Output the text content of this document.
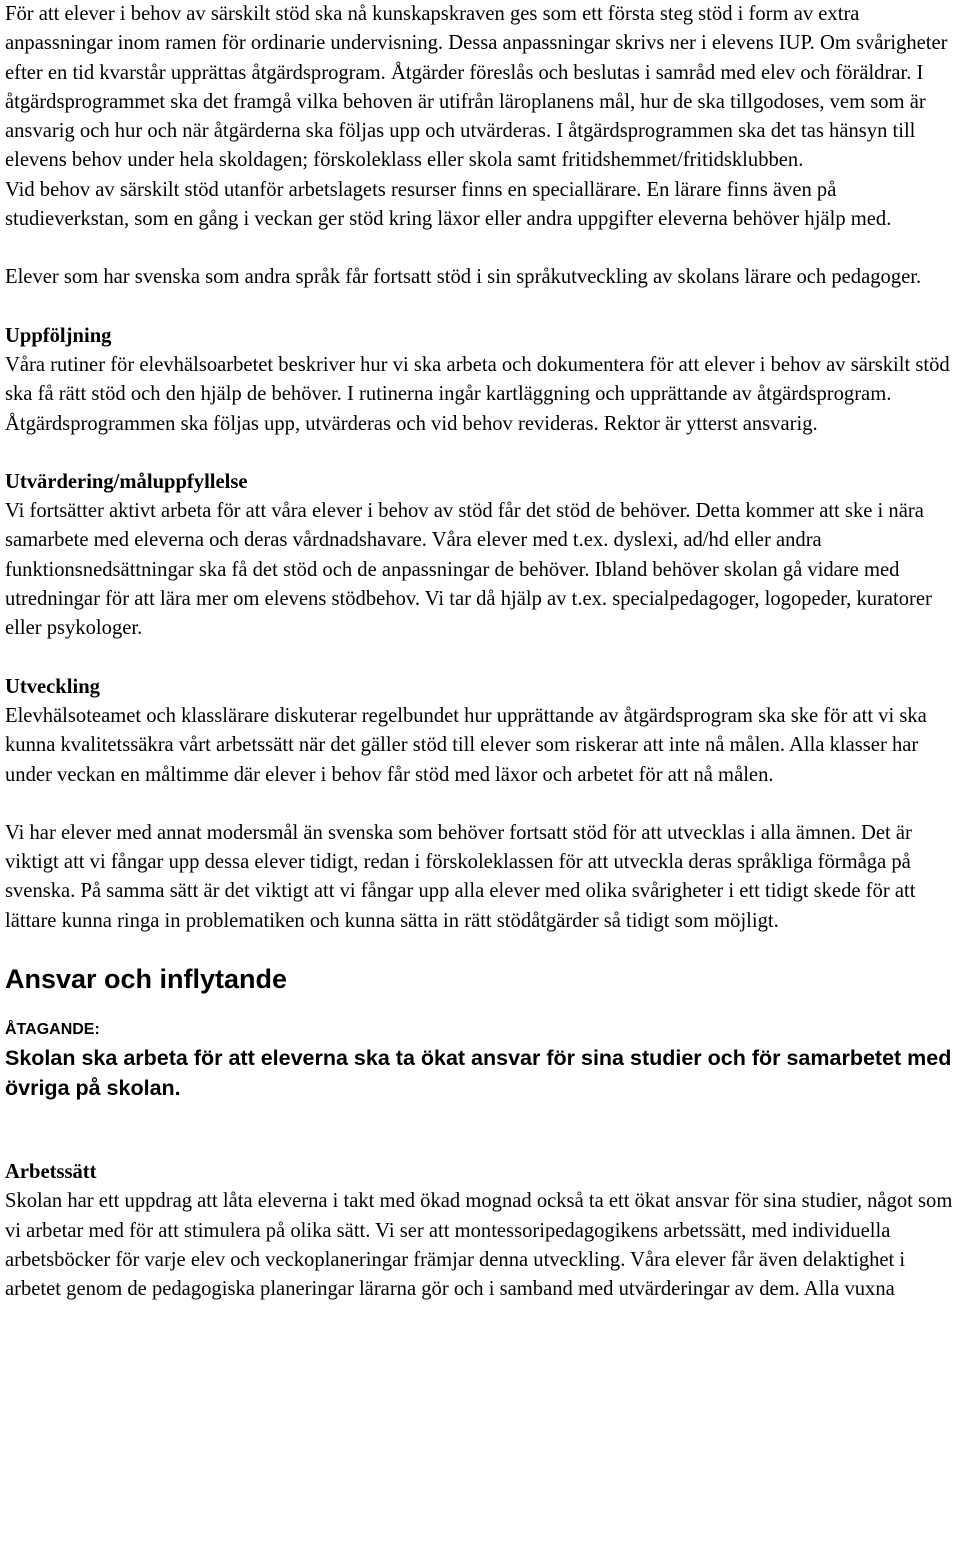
För att elever i behov av särskilt stöd ska nå kunskapskraven ges som ett första steg stöd i form av extra anpassningar inom ramen för ordinarie undervisning. Dessa anpassningar skrivs ner i elevens IUP. Om svårigheter efter en tid kvarstår upprättas åtgärdsprogram. Åtgärder föreslås och beslutas i samråd med elev och föräldrar. I åtgärdsprogrammet ska det framgå vilka behoven är utifrån läroplanens mål, hur de ska tillgodoses, vem som är ansvarig och hur och när åtgärderna ska följas upp och utvärderas. I åtgärdsprogrammen ska det tas hänsyn till elevens behov under hela skoldagen; förskoleklass eller skola samt fritidshemmet/fritidsklubben.

Vid behov av särskilt stöd utanför arbetslagets resurser finns en speciallärare. En lärare finns även på studieverkstan, som en gång i veckan ger stöd kring läxor eller andra uppgifter eleverna behöver hjälp med.

Elever som har svenska som andra språk får fortsatt stöd i sin språkutveckling av skolans lärare och pedagoger.

Uppföljning

Våra rutiner för elevhälsoarbetet beskriver hur vi ska arbeta och dokumentera för att elever i behov av särskilt stöd ska få rätt stöd och den hjälp de behöver. I rutinerna ingår kartläggning och upprättande av åtgärdsprogram. Åtgärdsprogrammen ska följas upp, utvärderas och vid behov revideras. Rektor är ytterst ansvarig.

Utvärdering/måluppfyllelse

Vi fortsätter aktivt arbeta för att våra elever i behov av stöd får det stöd de behöver. Detta kommer att ske i nära samarbete med eleverna och deras vårdnadshavare. Våra elever med t.ex. dyslexi, ad/hd eller andra funktionsnedsättningar ska få det stöd och de anpassningar de behöver. Ibland behöver skolan gå vidare med utredningar för att lära mer om elevens stödbehov. Vi tar då hjälp av t.ex. specialpedagoger, logopeder, kuratorer eller psykologer.

Utveckling

Elevhälsoteamet och klasslärare diskuterar regelbundet hur upprättande av åtgärdsprogram ska ske för att vi ska kunna kvalitetssäkra vårt arbetssätt när det gäller stöd till elever som riskerar att inte nå målen. Alla klasser har under veckan en måltimme där elever i behov får stöd med läxor och arbetet för att nå målen.

Vi har elever med annat modersmål än svenska som behöver fortsatt stöd för att utvecklas i alla ämnen. Det är viktigt att vi fångar upp dessa elever tidigt, redan i förskoleklassen för att utveckla deras språkliga förmåga på svenska. På samma sätt är det viktigt att vi fångar upp alla elever med olika svårigheter i ett tidigt skede för att lättare kunna ringa in problematiken och kunna sätta in rätt stödåtgärder så tidigt som möjligt.

Ansvar och inflytande

ÅTAGANDE:

Skolan ska arbeta för att eleverna ska ta ökat ansvar för sina studier och för samarbetet med övriga på skolan.

Arbetssätt

Skolan har ett uppdrag att låta eleverna i takt med ökad mognad också ta ett ökat ansvar för sina studier, något som vi arbetar med för att stimulera på olika sätt. Vi ser att montessoripedagogikens arbetssätt, med individuella arbetsböcker för varje elev och veckoplaneringar främjar denna utveckling. Våra elever får även delaktighet i arbetet genom de pedagogiska planeringar lärarna gör och i samband med utvärderingar av dem. Alla vuxna
